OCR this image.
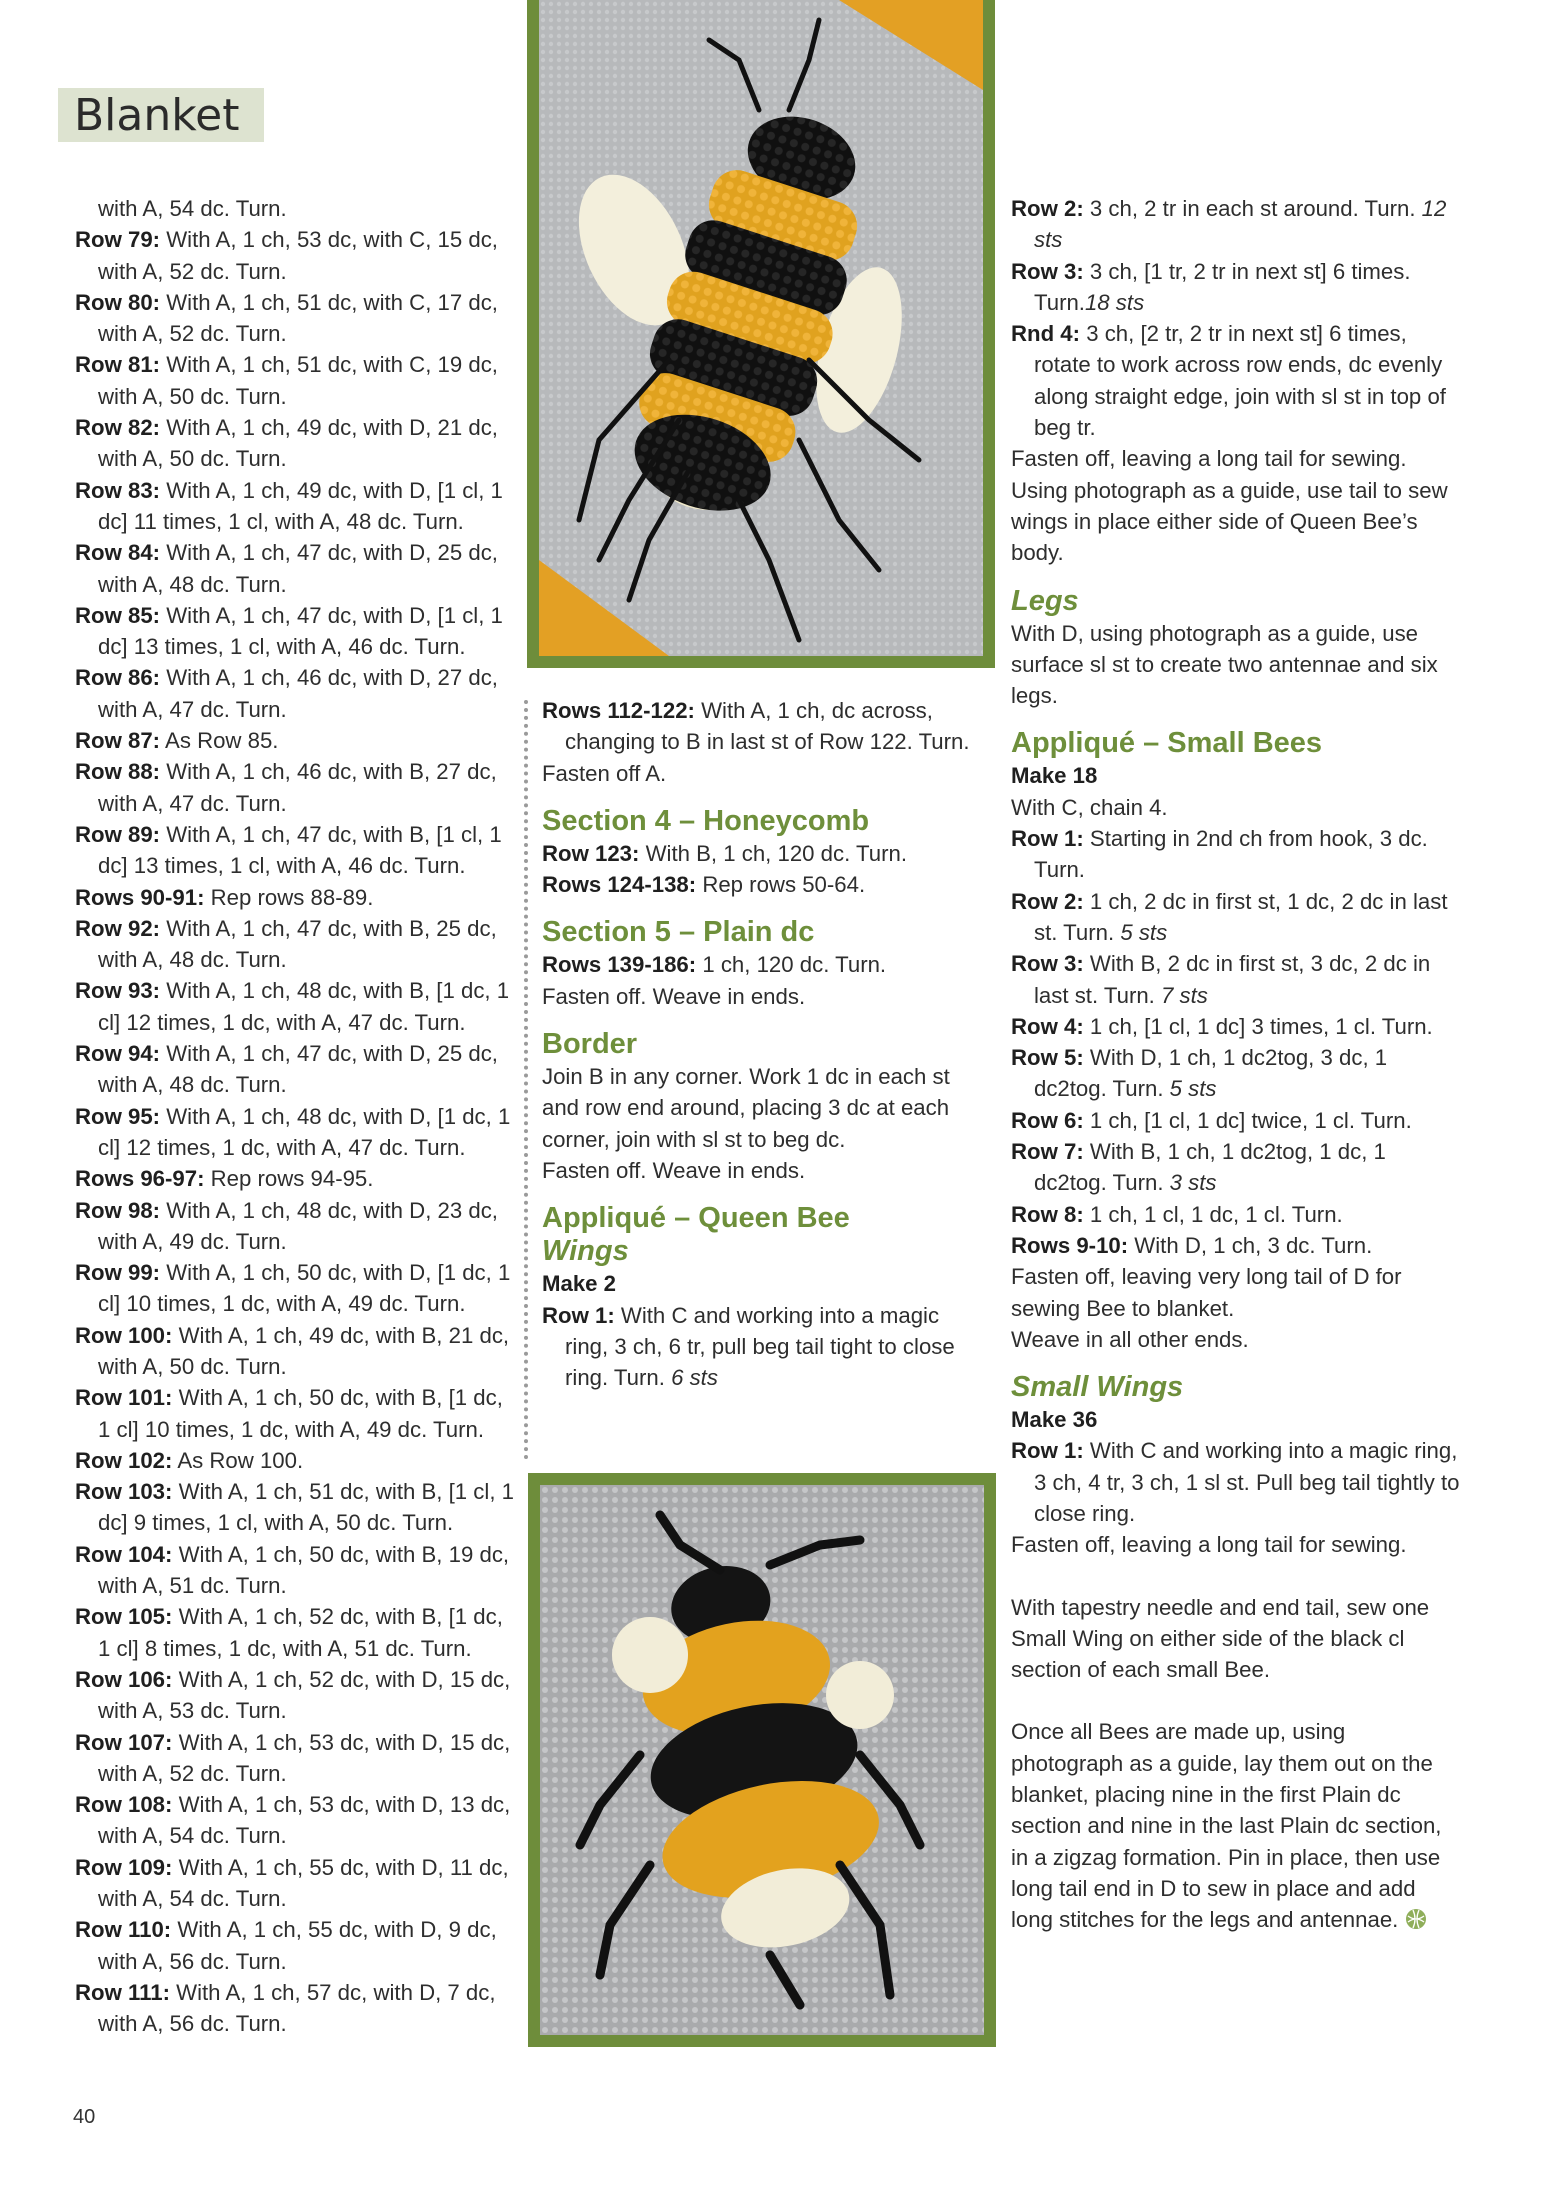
Blanket
with A, 54 dc. Turn.
Row 79: With A, 1 ch, 53 dc, with C, 15 dc, with A, 52 dc. Turn.
Row 80: With A, 1 ch, 51 dc, with C, 17 dc, with A, 52 dc. Turn.
Row 81: With A, 1 ch, 51 dc, with C, 19 dc, with A, 50 dc. Turn.
Row 82: With A, 1 ch, 49 dc, with D, 21 dc, with A, 50 dc. Turn.
Row 83: With A, 1 ch, 49 dc, with D, [1 cl, 1 dc] 11 times, 1 cl, with A, 48 dc. Turn.
Row 84: With A, 1 ch, 47 dc, with D, 25 dc, with A, 48 dc. Turn.
Row 85: With A, 1 ch, 47 dc, with D, [1 cl, 1 dc] 13 times, 1 cl, with A, 46 dc. Turn.
Row 86: With A, 1 ch, 46 dc, with D, 27 dc, with A, 47 dc. Turn.
Row 87: As Row 85.
Row 88: With A, 1 ch, 46 dc, with B, 27 dc, with A, 47 dc. Turn.
Row 89: With A, 1 ch, 47 dc, with B, [1 cl, 1 dc] 13 times, 1 cl, with A, 46 dc. Turn.
Rows 90-91: Rep rows 88-89.
Row 92: With A, 1 ch, 47 dc, with B, 25 dc, with A, 48 dc. Turn.
Row 93: With A, 1 ch, 48 dc, with B, [1 dc, 1 cl] 12 times, 1 dc, with A, 47 dc. Turn.
Row 94: With A, 1 ch, 47 dc, with D, 25 dc, with A, 48 dc. Turn.
Row 95: With A, 1 ch, 48 dc, with D, [1 dc, 1 cl] 12 times, 1 dc, with A, 47 dc. Turn.
Rows 96-97: Rep rows 94-95.
Row 98: With A, 1 ch, 48 dc, with D, 23 dc, with A, 49 dc. Turn.
Row 99: With A, 1 ch, 50 dc, with D, [1 dc, 1 cl] 10 times, 1 dc, with A, 49 dc. Turn.
Row 100: With A, 1 ch, 49 dc, with B, 21 dc, with A, 50 dc. Turn.
Row 101: With A, 1 ch, 50 dc, with B, [1 dc, 1 cl] 10 times, 1 dc, with A, 49 dc. Turn.
Row 102: As Row 100.
Row 103: With A, 1 ch, 51 dc, with B, [1 cl, 1 dc] 9 times, 1 cl, with A, 50 dc. Turn.
Row 104: With A, 1 ch, 50 dc, with B, 19 dc, with A, 51 dc. Turn.
Row 105: With A, 1 ch, 52 dc, with B, [1 dc, 1 cl] 8 times, 1 dc, with A, 51 dc. Turn.
Row 106: With A, 1 ch, 52 dc, with D, 15 dc, with A, 53 dc. Turn.
Row 107: With A, 1 ch, 53 dc, with D, 15 dc, with A, 52 dc. Turn.
Row 108: With A, 1 ch, 53 dc, with D, 13 dc, with A, 54 dc. Turn.
Row 109: With A, 1 ch, 55 dc, with D, 11 dc, with A, 54 dc. Turn.
Row 110: With A, 1 ch, 55 dc, with D, 9 dc, with A, 56 dc. Turn.
Row 111: With A, 1 ch, 57 dc, with D, 7 dc, with A, 56 dc. Turn.
Rows 112-122: With A, 1 ch, dc across, changing to B in last st of Row 122. Turn.
Fasten off A.
Section 4 – Honeycomb
Row 123: With B, 1 ch, 120 dc. Turn.
Rows 124-138: Rep rows 50-64.
Section 5 – Plain dc
Rows 139-186: 1 ch, 120 dc. Turn.
Fasten off. Weave in ends.
Border
Join B in any corner. Work 1 dc in each st and row end around, placing 3 dc at each corner, join with sl st to beg dc.
Fasten off. Weave in ends.
Appliqué – Queen Bee
Wings
Make 2
Row 1: With C and working into a magic ring, 3 ch, 6 tr, pull beg tail tight to close ring. Turn. 6 sts
Row 2: 3 ch, 2 tr in each st around. Turn. 12 sts
Row 3: 3 ch, [1 tr, 2 tr in next st] 6 times. Turn.18 sts
Rnd 4: 3 ch, [2 tr, 2 tr in next st] 6 times, rotate to work across row ends, dc evenly along straight edge, join with sl st in top of beg tr.
Fasten off, leaving a long tail for sewing.
Using photograph as a guide, use tail to sew wings in place either side of Queen Bee’s body.
Legs
With D, using photograph as a guide, use surface sl st to create two antennae and six legs.
Appliqué – Small Bees
Make 18
With C, chain 4.
Row 1: Starting in 2nd ch from hook, 3 dc. Turn.
Row 2: 1 ch, 2 dc in first st, 1 dc, 2 dc in last st. Turn. 5 sts
Row 3: With B, 2 dc in first st, 3 dc, 2 dc in last st. Turn. 7 sts
Row 4: 1 ch, [1 cl, 1 dc] 3 times, 1 cl. Turn.
Row 5: With D, 1 ch, 1 dc2tog, 3 dc, 1 dc2tog. Turn. 5 sts
Row 6: 1 ch, [1 cl, 1 dc] twice, 1 cl. Turn.
Row 7: With B, 1 ch, 1 dc2tog, 1 dc, 1 dc2tog. Turn. 3 sts
Row 8: 1 ch, 1 cl, 1 dc, 1 cl. Turn.
Rows 9-10: With D, 1 ch, 3 dc. Turn.
Fasten off, leaving very long tail of D for sewing Bee to blanket.
Weave in all other ends.
Small Wings
Make 36
Row 1: With C and working into a magic ring, 3 ch, 4 tr, 3 ch, 1 sl st. Pull beg tail tightly to close ring.
Fasten off, leaving a long tail for sewing.
With tapestry needle and end tail, sew one Small Wing on either side of the black cl section of each small Bee.
Once all Bees are made up, using photograph as a guide, lay them out on the blanket, placing nine in the first Plain dc section and nine in the last Plain dc section, in a zigzag formation. Pin in place, then use long tail end in D to sew in place and add long stitches for the legs and antennae.
40
